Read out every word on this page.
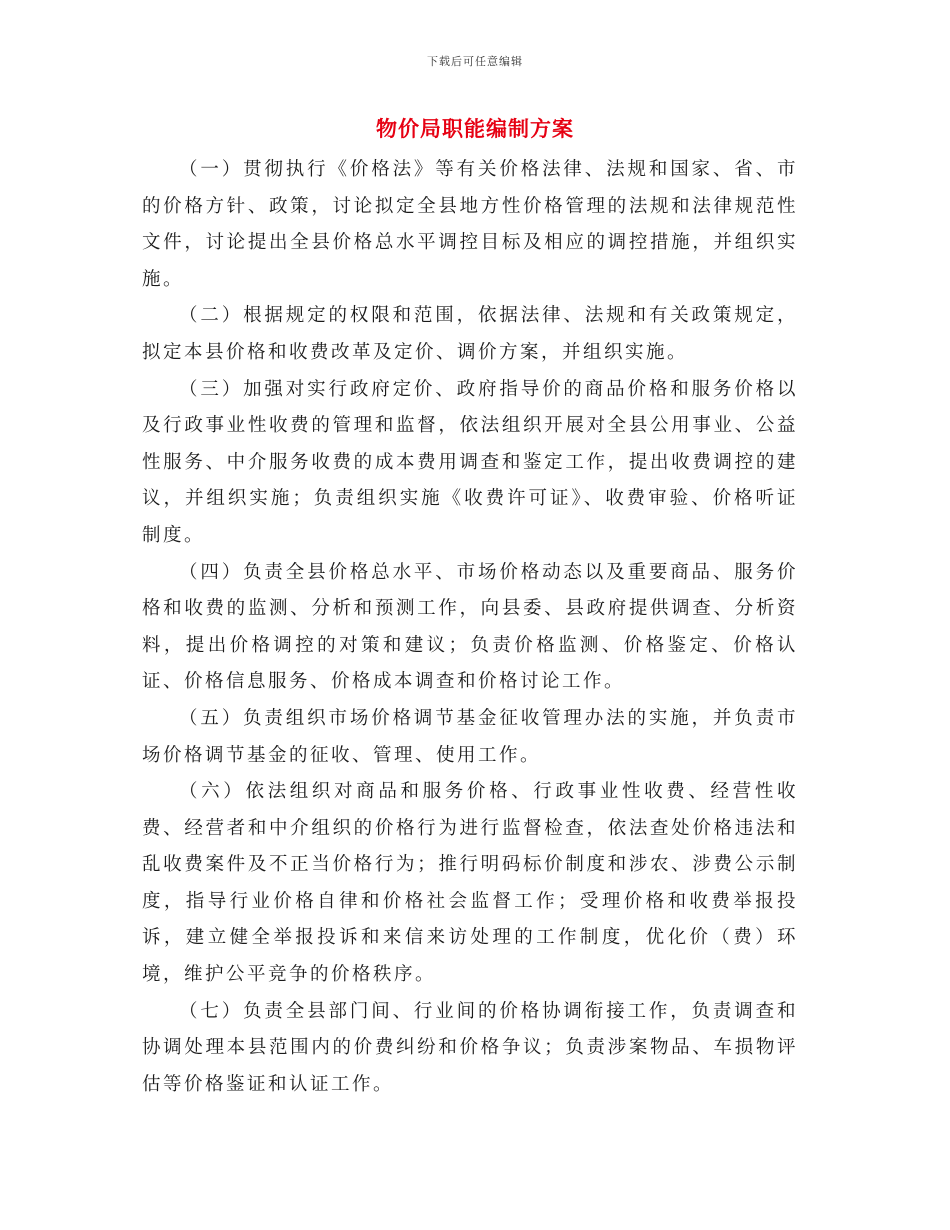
下载后可任意编辑
物价局职能编制方案

（一）贯彻执行《价格法》等有关价格法律、法规和国家、省、市的价格方针、政策，讨论拟定全县地方性价格管理的法规和法律规范性文件，讨论提出全县价格总水平调控目标及相应的调控措施，并组织实施。

（二）根据规定的权限和范围，依据法律、法规和有关政策规定，拟定本县价格和收费改革及定价、调价方案，并组织实施。

（三）加强对实行政府定价、政府指导价的商品价格和服务价格以及行政事业性收费的管理和监督，依法组织开展对全县公用事业、公益性服务、中介服务收费的成本费用调查和鉴定工作，提出收费调控的建议，并组织实施；负责组织实施《收费许可证》、收费审验、价格听证制度。

（四）负责全县价格总水平、市场价格动态以及重要商品、服务价格和收费的监测、分析和预测工作，向县委、县政府提供调查、分析资料，提出价格调控的对策和建议；负责价格监测、价格鉴定、价格认证、价格信息服务、价格成本调查和价格讨论工作。

（五）负责组织市场价格调节基金征收管理办法的实施，并负责市场价格调节基金的征收、管理、使用工作。

（六）依法组织对商品和服务价格、行政事业性收费、经营性收费、经营者和中介组织的价格行为进行监督检查，依法查处价格违法和乱收费案件及不正当价格行为；推行明码标价制度和涉农、涉费公示制度，指导行业价格自律和价格社会监督工作；受理价格和收费举报投诉，建立健全举报投诉和来信来访处理的工作制度，优化价（费）环境，维护公平竞争的价格秩序。

（七）负责全县部门间、行业间的价格协调衔接工作，负责调查和协调处理本县范围内的价费纠纷和价格争议；负责涉案物品、车损物评估等价格鉴证和认证工作。
